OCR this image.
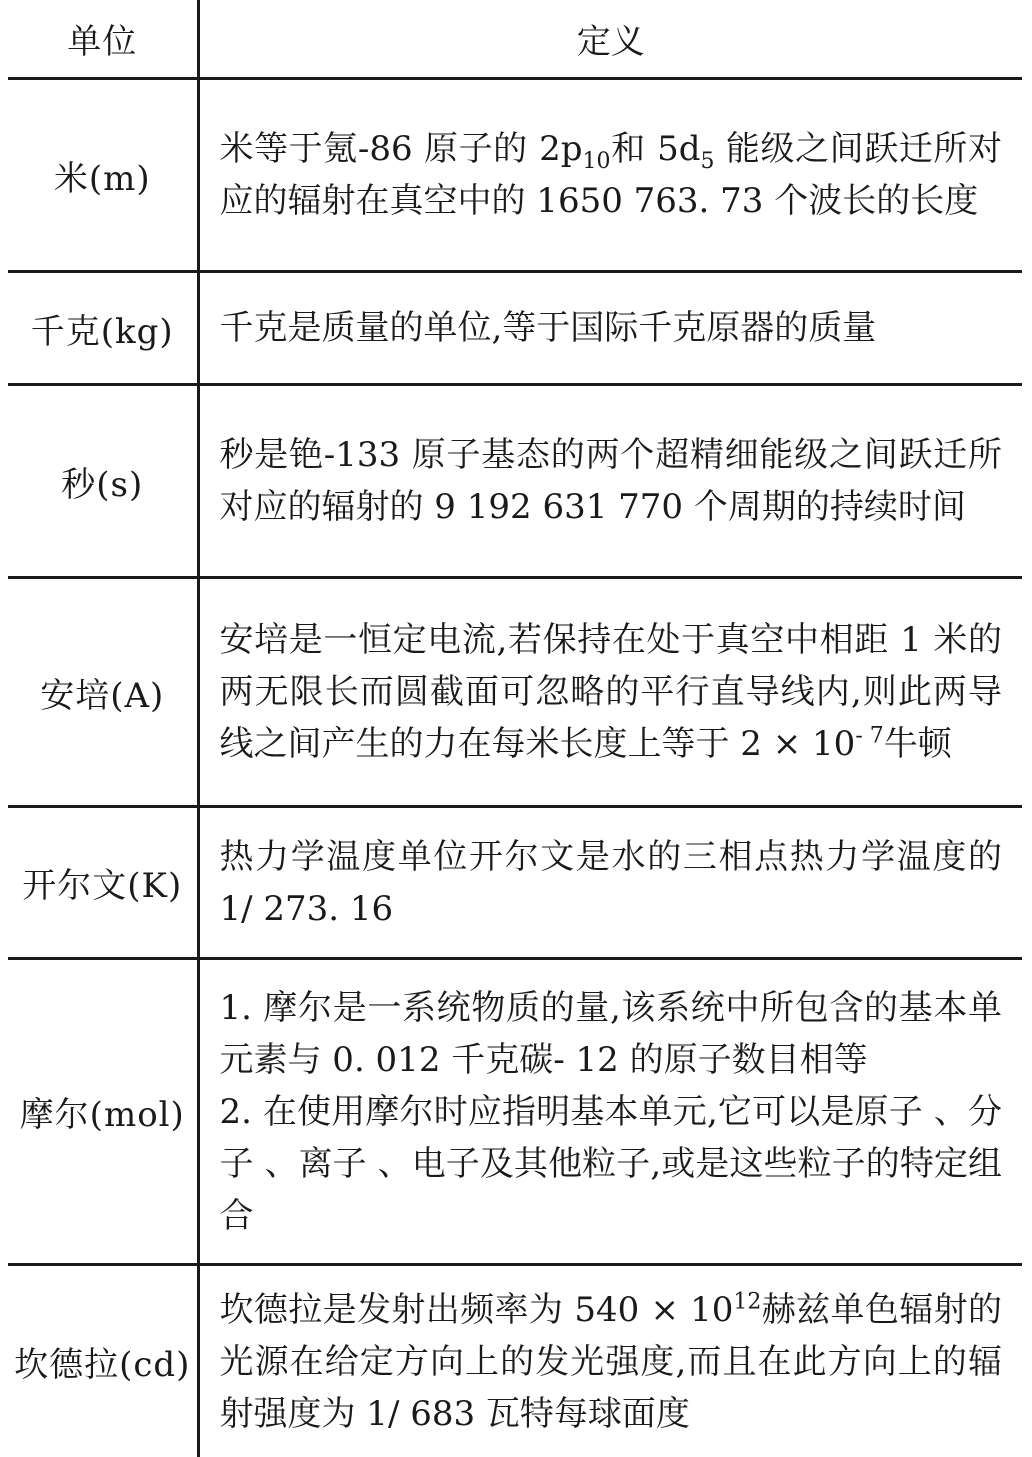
单位	定义
米(m)	米等于氪-86 原子的 $2p_{10}$和 $5d_5$ 能级之间跃迁所对应的辐射在真空中的 1650 763. 73 个波长的长度
千克(kg)	千克是质量的单位,等于国际千克原器的质量
秒(s)	秒是铯-133 原子基态的两个超精细能级之间跃迁所对应的辐射的 9 192 631 770 个周期的持续时间
安培(A)	安培是一恒定电流,若保持在处于真空中相距 1 米的两无限长而圆截面可忽略的平行直导线内,则此两导线之间产生的力在每米长度上等于 $2 \times 10^{- 7}$牛顿
开尔文(K)	热力学温度单位开尔文是水的三相点热力学温度的 1/ 273. 16
摩尔(mol)	1. 摩尔是一系统物质的量,该系统中所包含的基本单元素与 0. 012 千克碳- 12 的原子数目相等
2. 在使用摩尔时应指明基本单元,它可以是原子 、分子 、离子 、电子及其他粒子,或是这些粒子的特定组合

坎德拉(cd)	坎德拉是发射出频率为 $540 \times 10^{12}$赫兹单色辐射的光源在给定方向上的发光强度,而且在此方向上的辐射强度为 1/ 683 瓦特每球面度
